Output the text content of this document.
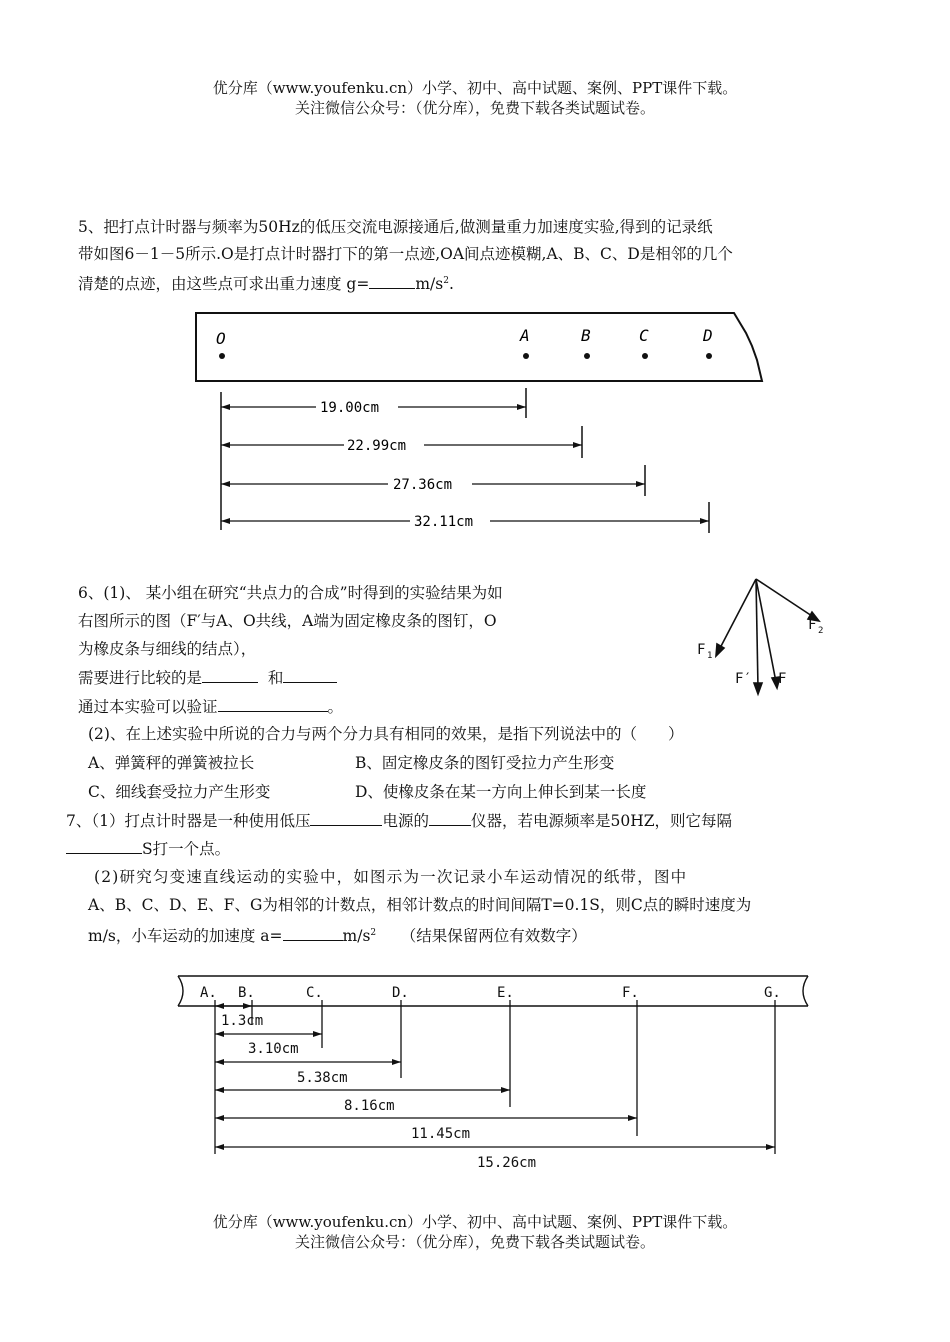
优分库（www.youfenku.cn）小学、初中、高中试题、案例、PPT课件下载。
关注微信公众号：（优分库），免费下载各类试题试卷。
5、把打点计时器与频率为50Hz的低压交流电源接通后,做测量重力加速度实验,得到的记录纸
带如图6－1－5所示.O是打点计时器打下的第一点迹,OA间点迹模糊,A、B、C、D是相邻的几个
清楚的点迹，由这些点可求出重力速度 g=	$m/s^2$.
O	A	B	C	D
19.00cm
22.99cm
27.36cm
32.11cm
F 1
F 2
F′ F
A. B.	C.	D.	E.	F.	G.
1.3cm
3.10cm
5.38cm
8.16cm
11.45cm
15.26cm
6、(1)、 某小组在研究“共点力的合成”时得到的实验结果为如
右图所示的图（F′与A、O共线，A端为固定橡皮条的图钉，O
为橡皮条与细线的结点），
需要进行比较的是	和
通过本实验可以验证	。
(2)、在上述实验中所说的合力与两个分力具有相同的效果，是指下列说法中的（　　）
A、弹簧秤的弹簧被拉长	B、固定橡皮条的图钉受拉力产生形变
C、细线套受拉力产生形变	D、使橡皮条在某一方向上伸长到某一长度
7、（1）打点计时器是一种使用低压	电源的	仪器，若电源频率是50HZ，则它每隔
S打一个点。
(2)研究匀变速直线运动的实验中，如图示为一次记录小车运动情况的纸带，图中
A、B、C、D、E、F、G为相邻的计数点，相邻计数点的时间间隔T=0.1S，则C点的瞬时速度为
m/s，小车运动的加速度 a=	$m/s^2$ （结果保留两位有效数字）
优分库（www.youfenku.cn）小学、初中、高中试题、案例、PPT课件下载。
关注微信公众号：（优分库），免费下载各类试题试卷。
